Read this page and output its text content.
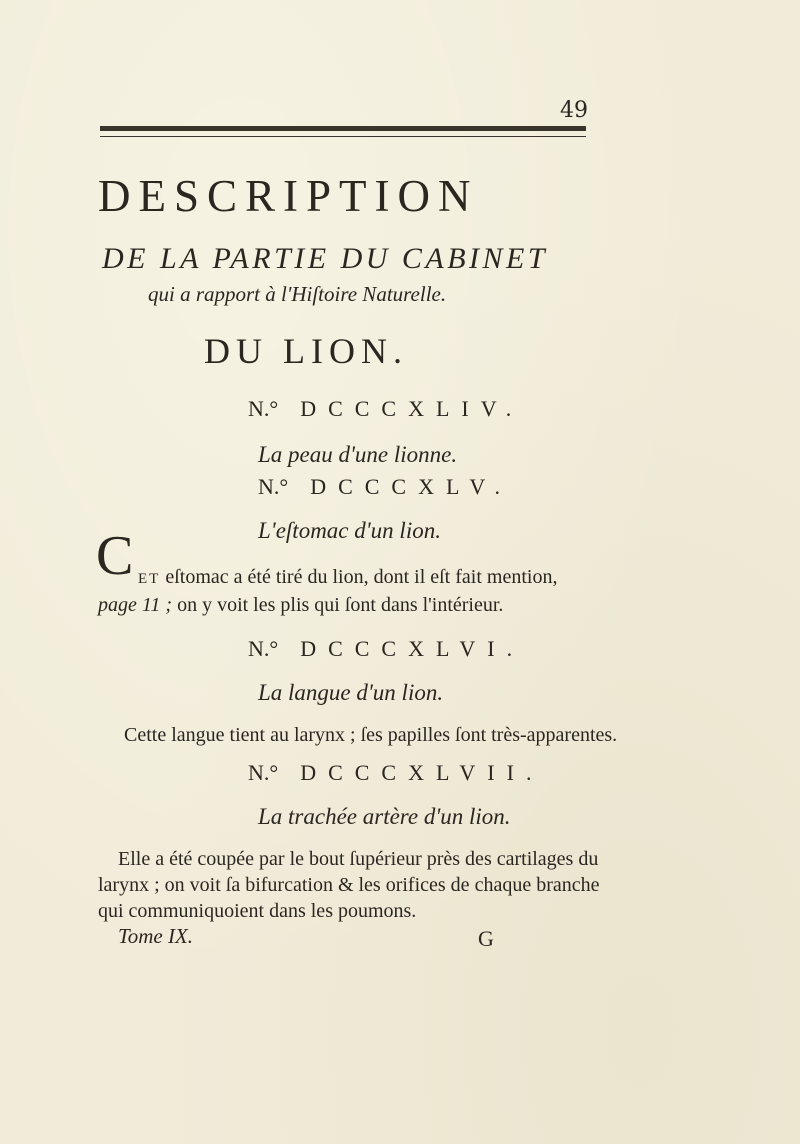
49
DESCRIPTION
DE LA PARTIE DU CABINET
qui a rapport à l'Hiſtoire Naturelle.
DU LION.
N.° DCCCXLIV.
La peau d'une lionne.
N.° DCCCXLV.
L'eſtomac d'un lion.
C ET eſtomac a été tiré du lion, dont il eſt fait mention,
page 11 ; on y voit les plis qui ſont dans l'intérieur.
N.° DCCCXLVI.
La langue d'un lion.
Cette langue tient au larynx ; ſes papilles ſont très-apparentes.
N.° DCCCXLVII.
La trachée artère d'un lion.
Elle a été coupée par le bout ſupérieur près des cartilages du
larynx ; on voit ſa bifurcation & les orifices de chaque branche
qui communiquoient dans les poumons.
Tome IX.	G
